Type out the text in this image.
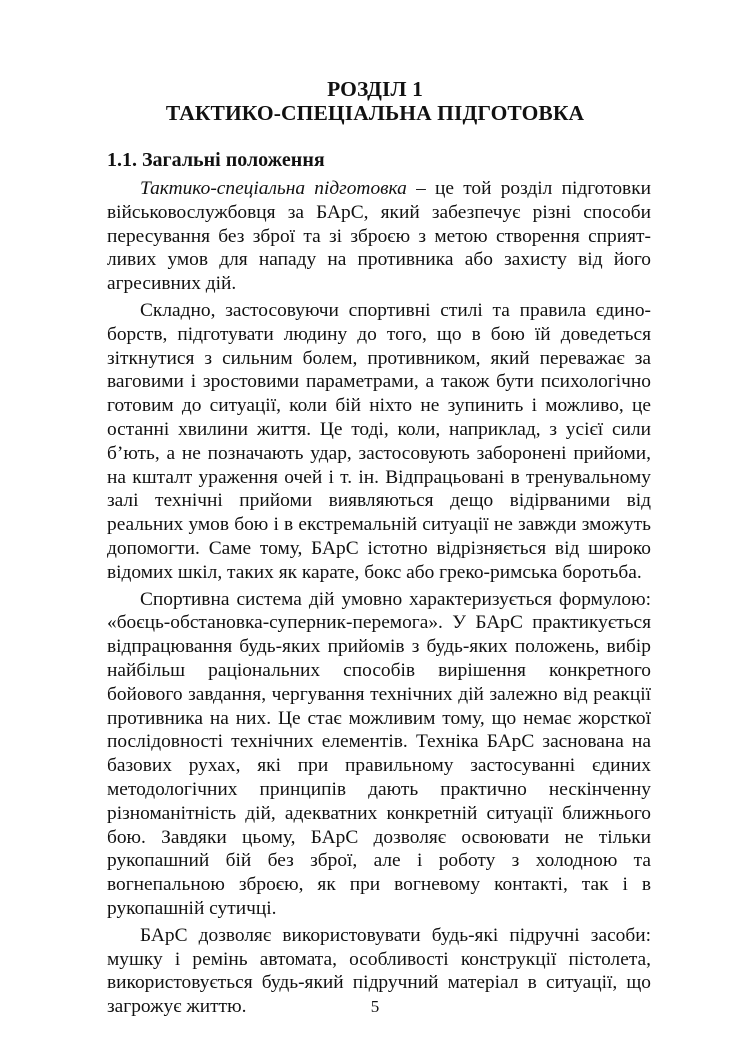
РОЗДІЛ 1
ТАКТИКО-СПЕЦІАЛЬНА ПІДГОТОВКА
1.1. Загальні положення

Тактико-спеціальна підготовка – це той розділ підготовки військовослужбовця за БАрС, який забезпечує різні способи пересування без зброї та зі зброєю з метою створення сприятливих умов для нападу на противника або захисту від його агресивних дій.

Складно, застосовуючи спортивні стилі та правила єдиноборств, підготувати людину до того, що в бою їй доведеться зіткнутися з сильним болем, противником, який переважає за ваговими і зростовими параметрами, а також бути психологічно готовим до ситуації, коли бій ніхто не зупинить і можливо, це останні хвилини життя. Це тоді, коли, наприклад, з усієї сили б’ють, а не позначають удар, застосовують заборонені прийоми, на кшталт ураження очей і т. ін. Відпрацьовані в тренувальному залі технічні прийоми виявляються дещо відірваними від реальних умов бою і в екстремальній ситуації не завжди зможуть допомогти. Саме тому, БАрС істотно відрізняється від широко відомих шкіл, таких як карате, бокс або греко-римська боротьба.

Спортивна система дій умовно характеризується формулою: «боєць-обстановка-суперник-перемога». У БАрС практикується відпрацювання будь-яких прийомів з будь-яких положень, вибір найбільш раціональних способів вирішення конкретного бойового завдання, чергування технічних дій залежно від реакції противника на них. Це стає можливим тому, що немає жорсткої послідовності технічних елементів. Техніка БАрС заснована на базових рухах, які при правильному застосуванні єдиних методологічних принципів дають практично нескінченну різноманітність дій, адекватних конкретній ситуації ближнього бою. Завдяки цьому, БАрС дозволяє освоювати не тільки рукопашний бій без зброї, але і роботу з холодною та вогнепальною зброєю, як при вогневому контакті, так і в рукопашній сутичці.

БАрС дозволяє використовувати будь-які підручні засоби: мушку і ремінь автомата, особливості конструкції пістолета, використовується будь-який підручний матеріал в ситуації, що загрожує життю.	5
